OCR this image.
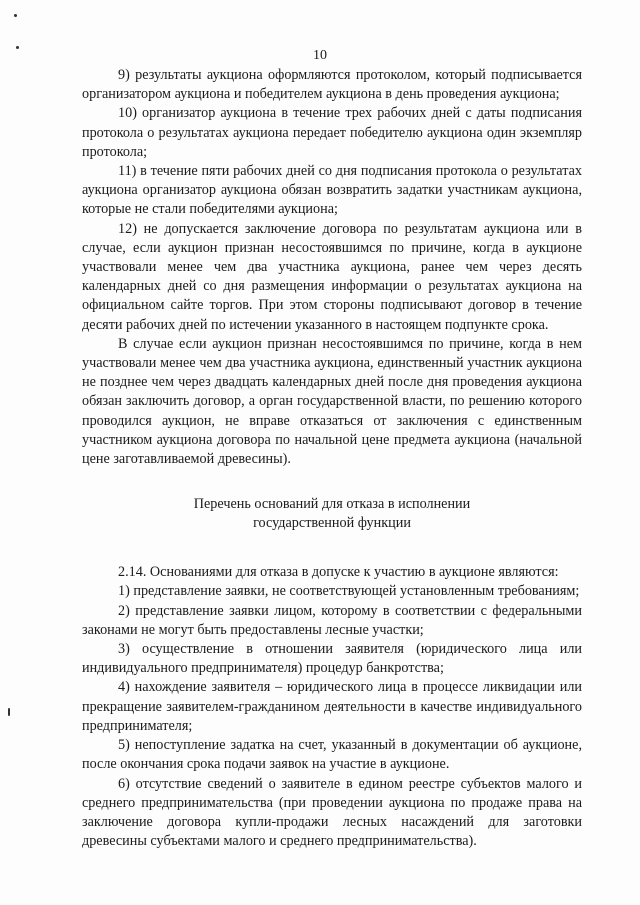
10

9) результаты аукциона оформляются протоколом, который подписывается организатором аукциона и победителем аукциона в день проведения аукциона;

10) организатор аукциона в течение трех рабочих дней с даты подписания протокола о результатах аукциона передает победителю аукциона один экземпляр протокола;

11) в течение пяти рабочих дней со дня подписания протокола о результатах аукциона организатор аукциона обязан возвратить задатки участникам аукциона, которые не стали победителями аукциона;

12) не допускается заключение договора по результатам аукциона или в случае, если аукцион признан несостоявшимся по причине, когда в аукционе участвовали менее чем два участника аукциона, ранее чем через десять календарных дней со дня размещения информации о результатах аукциона на официальном сайте торгов. При этом стороны подписывают договор в течение десяти рабочих дней по истечении указанного в настоящем подпункте срока.

В случае если аукцион признан несостоявшимся по причине, когда в нем участвовали менее чем два участника аукциона, единственный участник аукциона не позднее чем через двадцать календарных дней после дня проведения аукциона обязан заключить договор, а орган государственной власти, по решению которого проводился аукцион, не вправе отказаться от заключения с единственным участником аукциона договора по начальной цене предмета аукциона (начальной цене заготавливаемой древесины).

Перечень оснований для отказа в исполнении
государственной функции

2.14. Основаниями для отказа в допуске к участию в аукционе являются:

1) представление заявки, не соответствующей установленным требованиям;

2) представление заявки лицом, которому в соответствии с федеральными законами не могут быть предоставлены лесные участки;

3) осуществление в отношении заявителя (юридического лица или индивидуального предпринимателя) процедур банкротства;

4) нахождение заявителя – юридического лица в процессе ликвидации или прекращение заявителем-гражданином деятельности в качестве индивидуального предпринимателя;

5) непоступление задатка на счет, указанный в документации об аукционе, после окончания срока подачи заявок на участие в аукционе.

6) отсутствие сведений о заявителе в едином реестре субъектов малого и среднего предпринимательства (при проведении аукциона по продаже права на заключение договора купли-продажи лесных насаждений для заготовки древесины субъектами малого и среднего предпринимательства).
